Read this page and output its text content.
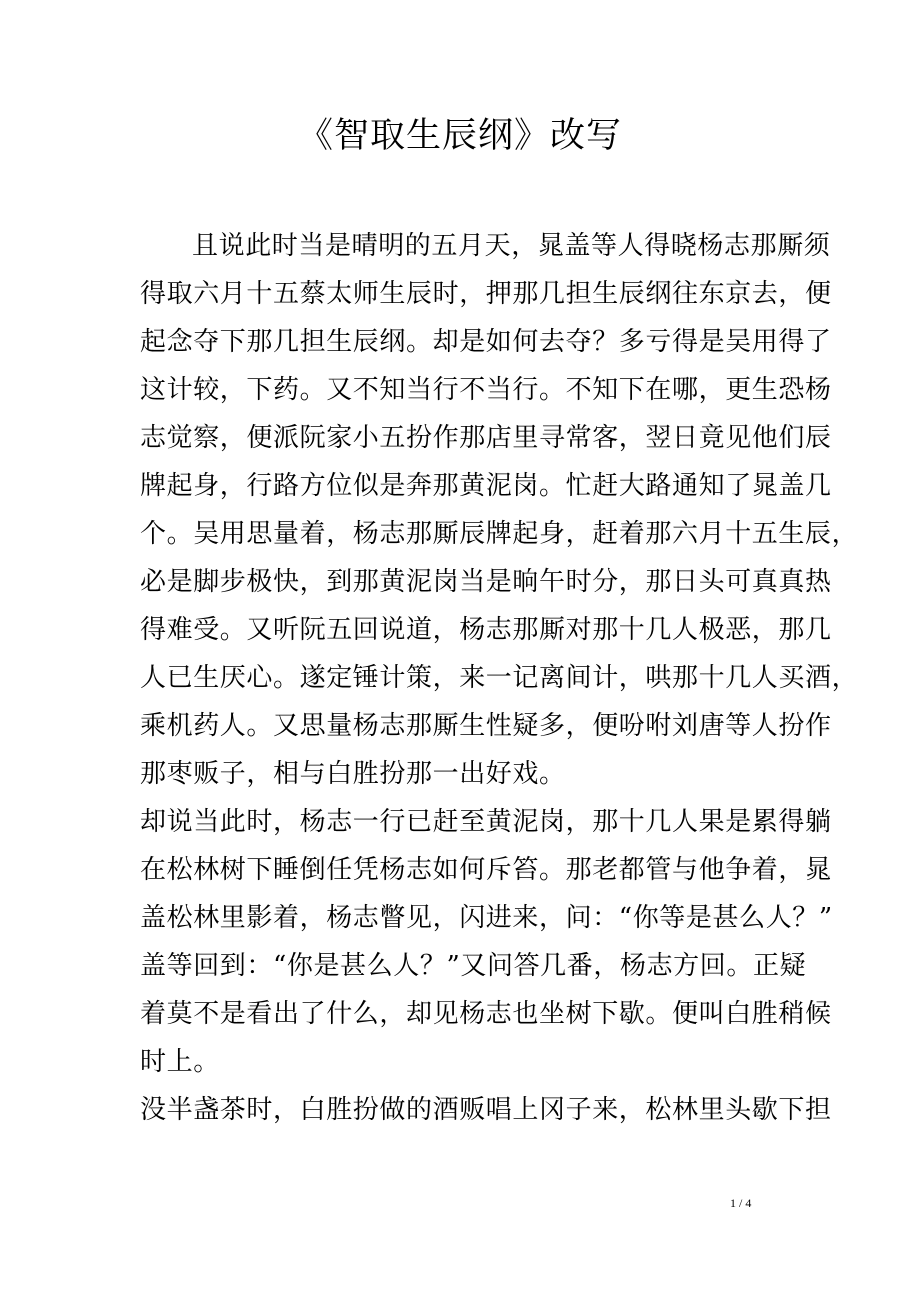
《智取生辰纲》改写
且说此时当是晴明的五月天，晁盖等人得晓杨志那厮须
得取六月十五蔡太师生辰时，押那几担生辰纲往东京去，便
起念夺下那几担生辰纲。却是如何去夺？多亏得是吴用得了
这计较，下药。又不知当行不当行。不知下在哪，更生恐杨
志觉察，便派阮家小五扮作那店里寻常客，翌日竟见他们辰
牌起身，行路方位似是奔那黄泥岗。忙赶大路通知了晁盖几
个。吴用思量着，杨志那厮辰牌起身，赶着那六月十五生辰，
必是脚步极快，到那黄泥岗当是晌午时分，那日头可真真热
得难受。又听阮五回说道，杨志那厮对那十几人极恶，那几
人已生厌心。遂定锤计策，来一记离间计，哄那十几人买酒，
乘机药人。又思量杨志那厮生性疑多，便吩咐刘唐等人扮作
那枣贩子，相与白胜扮那一出好戏。
却说当此时，杨志一行已赶至黄泥岗，那十几人果是累得躺
在松林树下睡倒任凭杨志如何斥笞。那老都管与他争着，晁
盖松林里影着，杨志瞥见，闪进来，问：“你等是甚么人？”
盖等回到：“你是甚么人？”又问答几番，杨志方回。正疑
着莫不是看出了什么，却见杨志也坐树下歇。便叫白胜稍候
时上。
没半盏茶时，白胜扮做的酒贩唱上冈子来，松林里头歇下担
1 / 4
